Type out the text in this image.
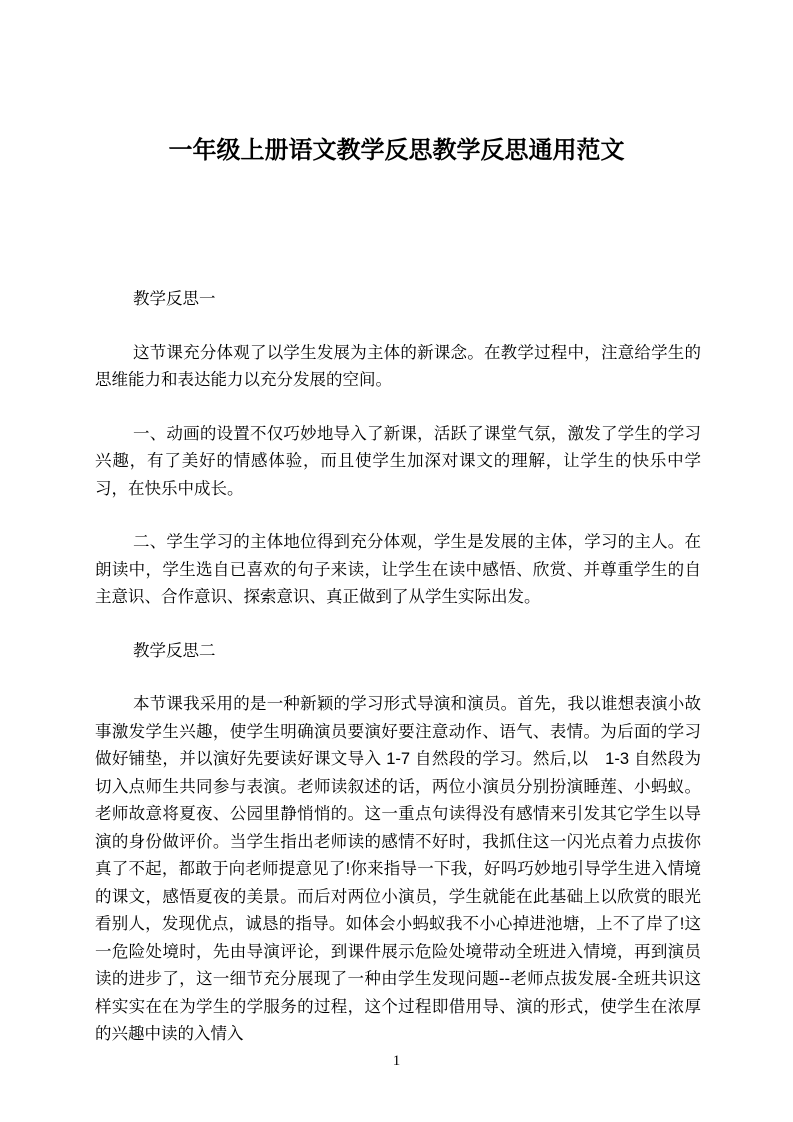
一年级上册语文教学反思教学反思通用范文

教学反思一

这节课充分体观了以学生发展为主体的新课念。在教学过程中，注意给学生的思维能力和表达能力以充分发展的空间。

一、动画的设置不仅巧妙地导入了新课，活跃了课堂气氛，激发了学生的学习兴趣，有了美好的情感体验，而且使学生加深对课文的理解，让学生的快乐中学习，在快乐中成长。

二、学生学习的主体地位得到充分体观，学生是发展的主体，学习的主人。在朗读中，学生选自已喜欢的句子来读，让学生在读中感悟、欣赏、并尊重学生的自主意识、合作意识、探索意识、真正做到了从学生实际出发。

教学反思二

本节课我采用的是一种新颖的学习形式导演和演员。首先，我以谁想表演小故事激发学生兴趣，使学生明确演员要演好要注意动作、语气、表情。为后面的学习做好铺垫，并以演好先要读好课文导入 1-7 自然段的学习。然后,以　1-3 自然段为切入点师生共同参与表演。老师读叙述的话，两位小演员分别扮演睡莲、小蚂蚁。老师故意将夏夜、公园里静悄悄的。这一重点句读得没有感情来引发其它学生以导演的身份做评价。当学生指出老师读的感情不好时，我抓住这一闪光点着力点拔你真了不起，都敢于向老师提意见了!你来指导一下我，好吗巧妙地引导学生进入情境的课文，感悟夏夜的美景。而后对两位小演员，学生就能在此基础上以欣赏的眼光看别人，发现优点，诚恳的指导。如体会小蚂蚁我不小心掉进池塘，上不了岸了!这一危险处境时，先由导演评论，到课件展示危险处境带动全班进入情境，再到演员读的进步了，这一细节充分展现了一种由学生发现问题--老师点拔发展-全班共识这样实实在在为学生的学服务的过程，这个过程即借用导、演的形式，使学生在浓厚的兴趣中读的入情入

1
